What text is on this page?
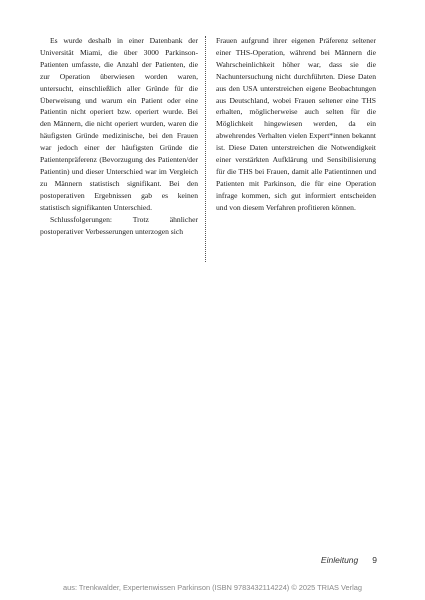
Es wurde deshalb in einer Datenbank der Universität Miami, die über 3000 Parkinson-Patienten umfasste, die Anzahl der Patienten, die zur Operation überwiesen worden waren, untersucht, einschließlich aller Gründe für die Überweisung und warum ein Patient oder eine Patientin nicht operiert bzw. operiert wurde. Bei den Männern, die nicht operiert wurden, waren die häufigsten Gründe medizinische, bei den Frauen war jedoch einer der häufigsten Gründe die Patientenpräferenz (Bevorzugung des Patienten/der Patientin) und dieser Unterschied war im Vergleich zu Männern statistisch signifikant. Bei den postoperativen Ergebnissen gab es keinen statistisch signifikanten Unterschied.

Schlussfolgerungen: Trotz ähnlicher postoperativer Verbesserungen unterzogen sich

Frauen aufgrund ihrer eigenen Präferenz seltener einer THS-Operation, während bei Männern die Wahrscheinlichkeit höher war, dass sie die Nachuntersuchung nicht durchführten. Diese Daten aus den USA unterstreichen eigene Beobachtungen aus Deutschland, wobei Frauen seltener eine THS erhalten, möglicherweise auch selten für die Möglichkeit hingewiesen werden, da ein abwehrendes Verhalten vielen Expert*innen bekannt ist. Diese Daten unterstreichen die Notwendigkeit einer verstärkten Aufklärung und Sensibilisierung für die THS bei Frauen, damit alle Patientinnen und Patienten mit Parkinson, die für eine Operation infrage kommen, sich gut informiert entscheiden und von diesem Verfahren profitieren können.

Einleitung 9
aus: Trenkwalder, Expertenwissen Parkinson (ISBN 9783432114224) © 2025 TRIAS Verlag
